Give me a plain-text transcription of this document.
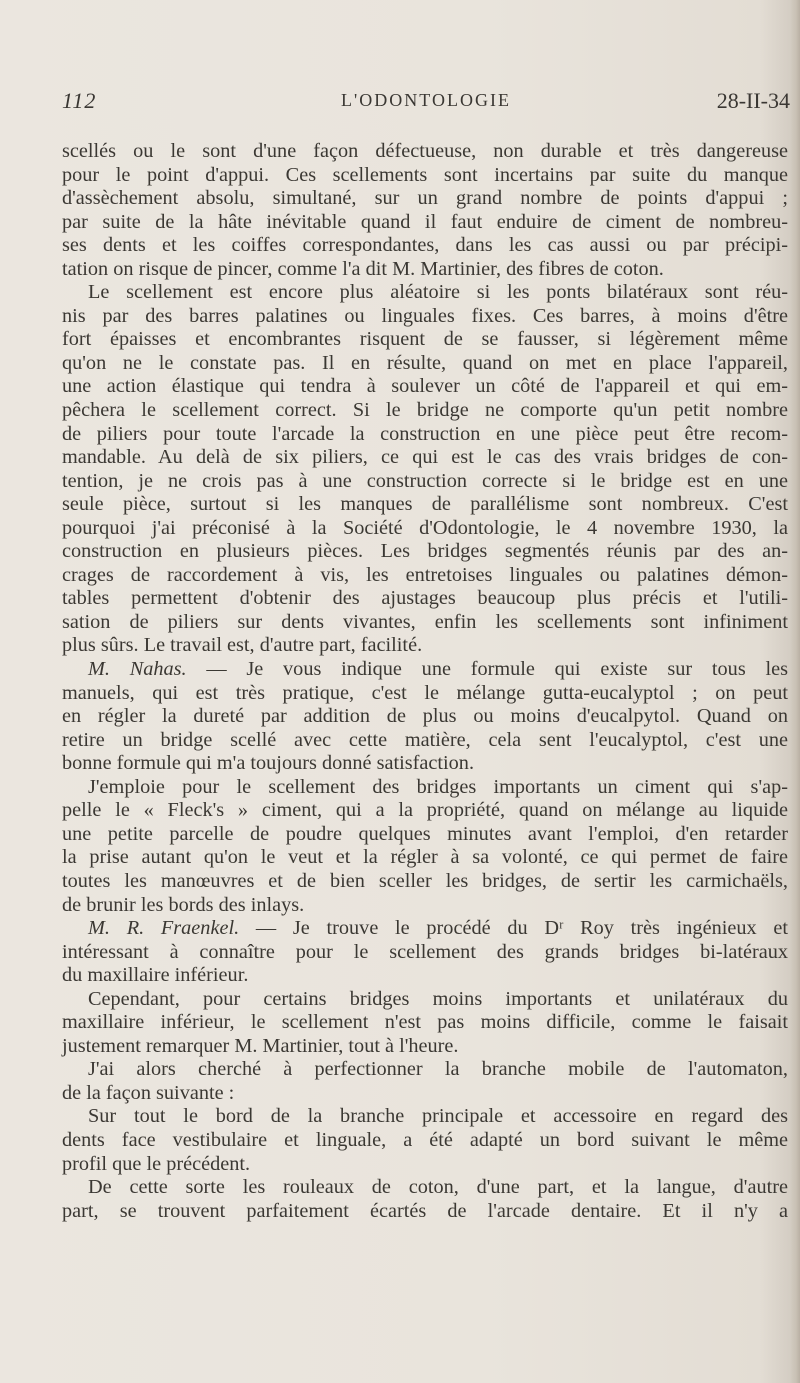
112	L'ODONTOLOGIE	28-II-34

scellés ou le sont d'une façon défectueuse, non durable et très dangereuse

pour le point d'appui. Ces scellements sont incertains par suite du manque

d'assèchement absolu, simultané, sur un grand nombre de points d'appui ;

par suite de la hâte inévitable quand il faut enduire de ciment de nombreu-

ses dents et les coiffes correspondantes, dans les cas aussi ou par précipi-

tation on risque de pincer, comme l'a dit M. Martinier, des fibres de coton.

Le scellement est encore plus aléatoire si les ponts bilatéraux sont réu-

nis par des barres palatines ou linguales fixes. Ces barres, à moins d'être

fort épaisses et encombrantes risquent de se fausser, si légèrement même

qu'on ne le constate pas. Il en résulte, quand on met en place l'appareil,

une action élastique qui tendra à soulever un côté de l'appareil et qui em-

pêchera le scellement correct. Si le bridge ne comporte qu'un petit nombre

de piliers pour toute l'arcade la construction en une pièce peut être recom-

mandable. Au delà de six piliers, ce qui est le cas des vrais bridges de con-

tention, je ne crois pas à une construction correcte si le bridge est en une

seule pièce, surtout si les manques de parallélisme sont nombreux. C'est

pourquoi j'ai préconisé à la Société d'Odontologie, le 4 novembre 1930, la

construction en plusieurs pièces. Les bridges segmentés réunis par des an-

crages de raccordement à vis, les entretoises linguales ou palatines démon-

tables permettent d'obtenir des ajustages beaucoup plus précis et l'utili-

sation de piliers sur dents vivantes, enfin les scellements sont infiniment

plus sûrs. Le travail est, d'autre part, facilité.

M. Nahas. — Je vous indique une formule qui existe sur tous les

manuels, qui est très pratique, c'est le mélange gutta-eucalyptol ; on peut

en régler la dureté par addition de plus ou moins d'eucalpytol. Quand on

retire un bridge scellé avec cette matière, cela sent l'eucalyptol, c'est une

bonne formule qui m'a toujours donné satisfaction.

J'emploie pour le scellement des bridges importants un ciment qui s'ap-

pelle le « Fleck's » ciment, qui a la propriété, quand on mélange au liquide

une petite parcelle de poudre quelques minutes avant l'emploi, d'en retarder

la prise autant qu'on le veut et la régler à sa volonté, ce qui permet de faire

toutes les manœuvres et de bien sceller les bridges, de sertir les carmichaëls,

de brunir les bords des inlays.

M. R. Fraenkel. — Je trouve le procédé du Dʳ Roy très ingénieux et

intéressant à connaître pour le scellement des grands bridges bi-latéraux

du maxillaire inférieur.

Cependant, pour certains bridges moins importants et unilatéraux du

maxillaire inférieur, le scellement n'est pas moins difficile, comme le faisait

justement remarquer M. Martinier, tout à l'heure.

J'ai alors cherché à perfectionner la branche mobile de l'automaton,

de la façon suivante :

Sur tout le bord de la branche principale et accessoire en regard des

dents face vestibulaire et linguale, a été adapté un bord suivant le même

profil que le précédent.

De cette sorte les rouleaux de coton, d'une part, et la langue, d'autre

part, se trouvent parfaitement écartés de l'arcade dentaire. Et il n'y a
